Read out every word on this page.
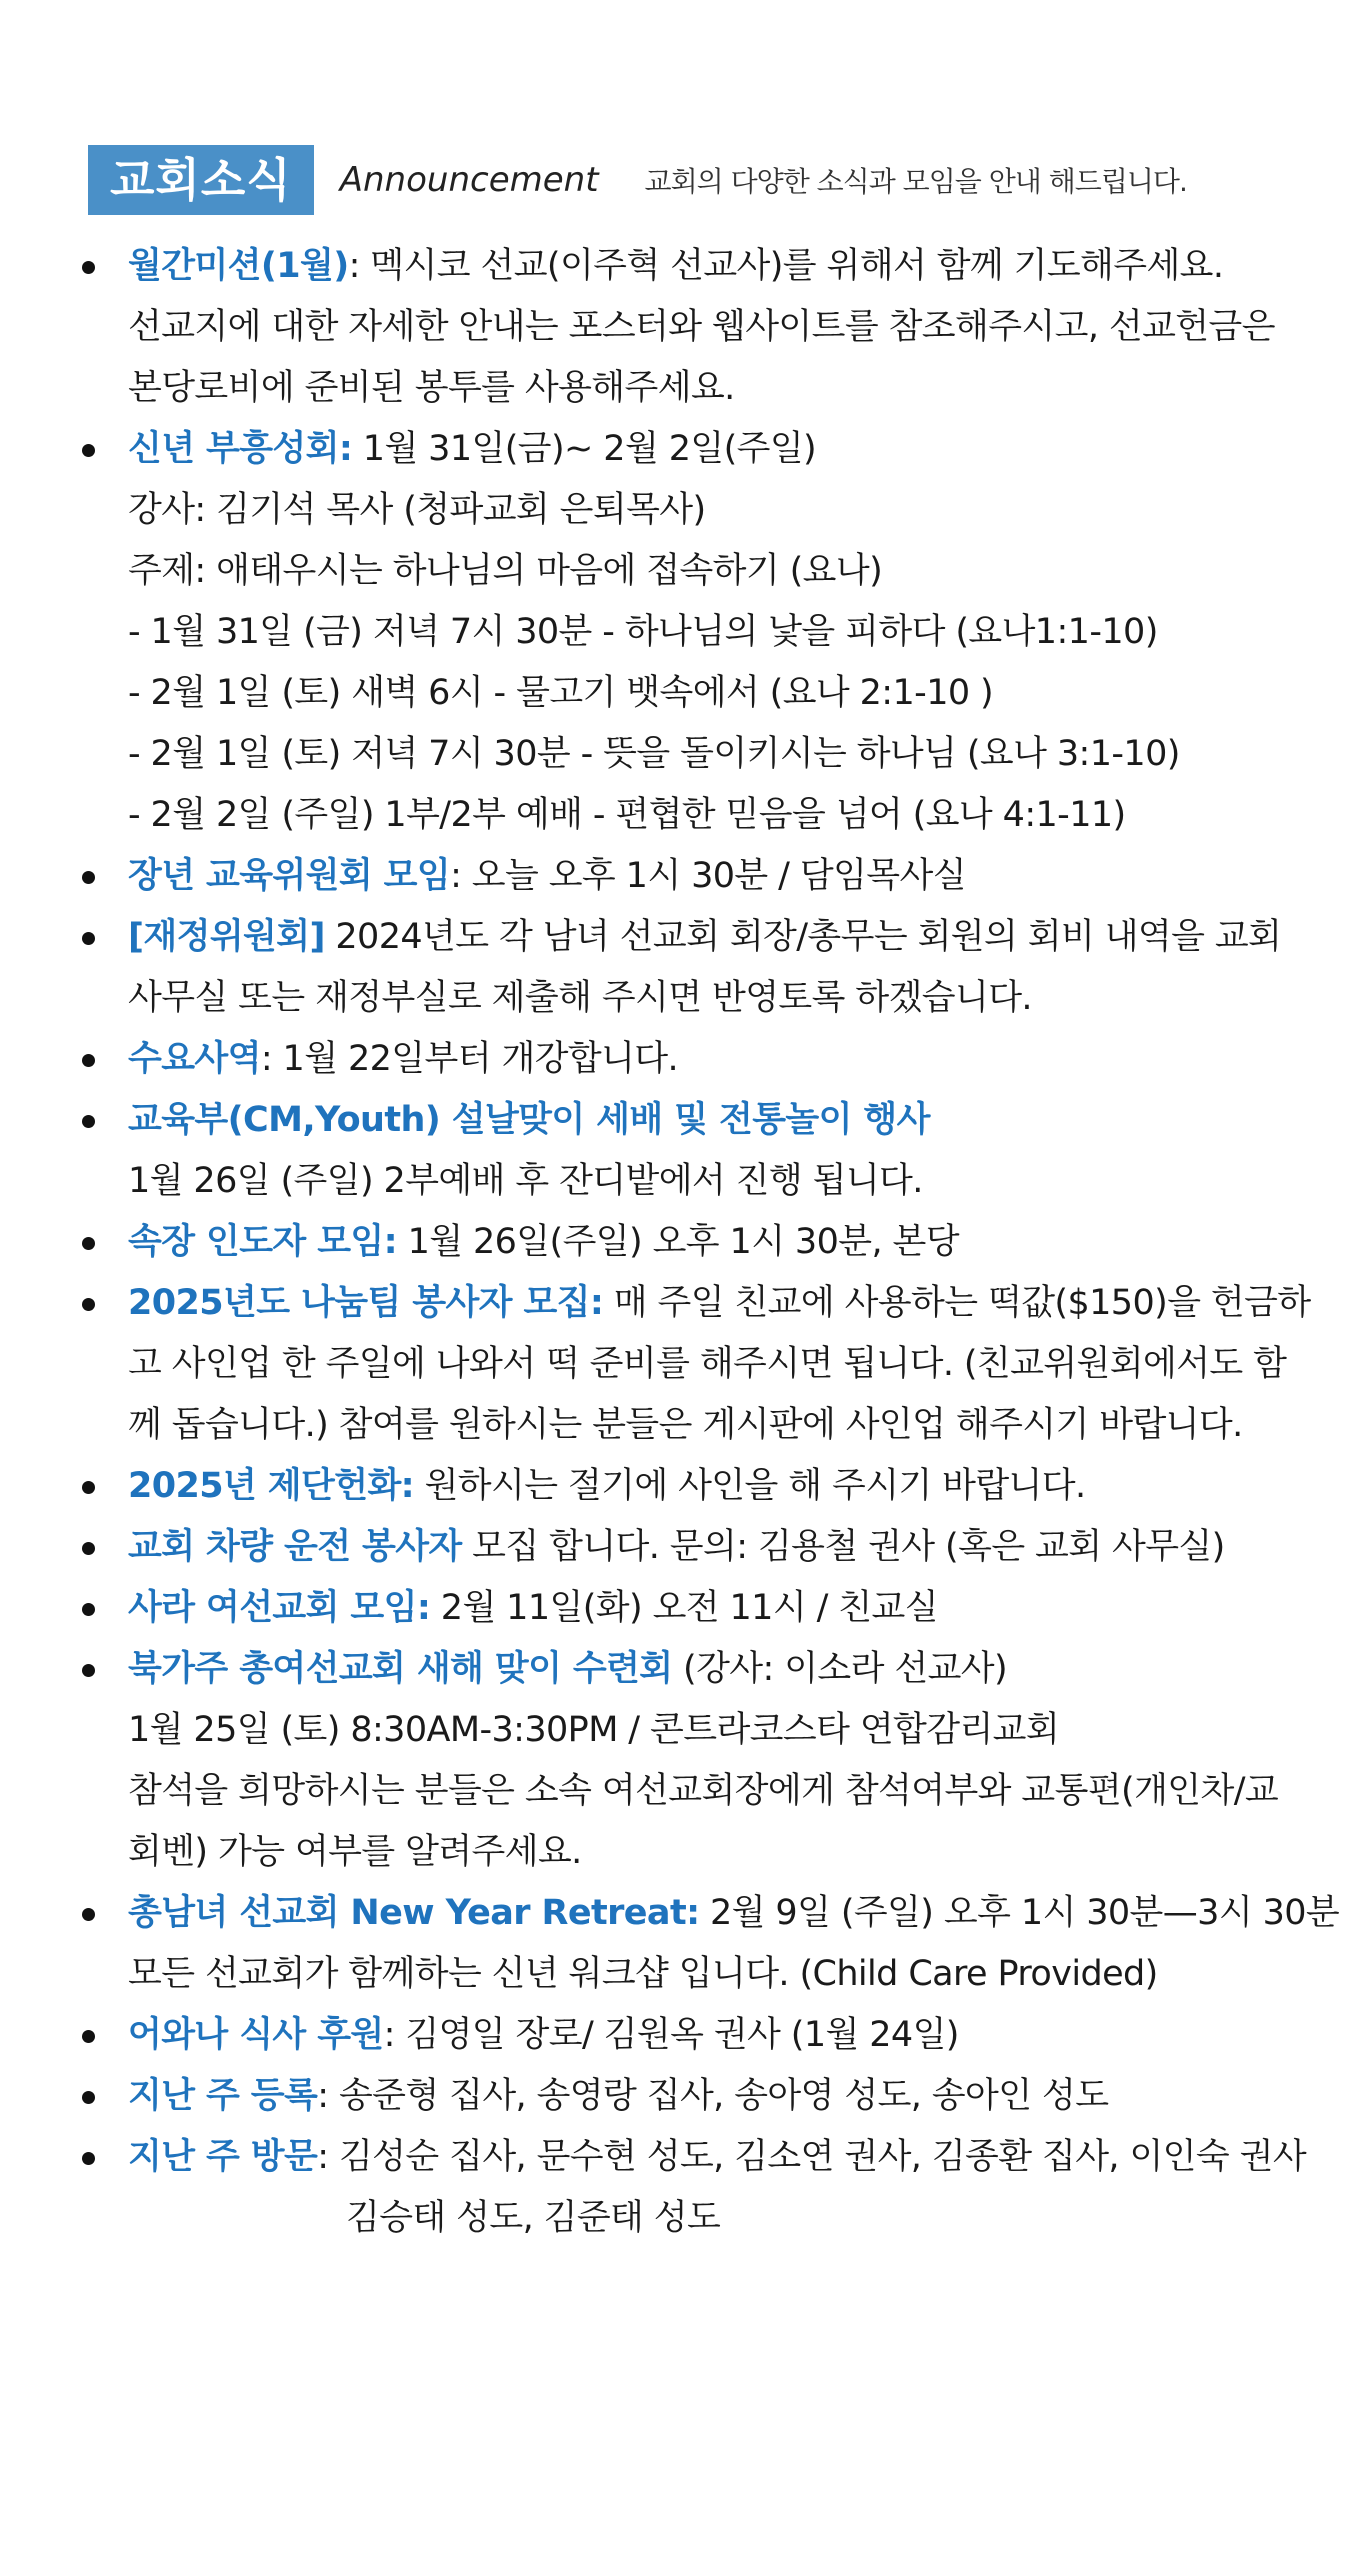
교회소식	Announcement 교회의 다양한 소식과 모임을 안내 해드립니다.
월간미션(1월): 멕시코 선교(이주혁 선교사)를 위해서 함께 기도해주세요.
선교지에 대한 자세한 안내는 포스터와 웹사이트를 참조해주시고, 선교헌금은
본당로비에 준비된 봉투를 사용해주세요.
신년 부흥성회: 1월 31일(금)~ 2월 2일(주일)
강사: 김기석 목사 (청파교회 은퇴목사)
주제: 애태우시는 하나님의 마음에 접속하기 (요나)
- 1월 31일 (금) 저녁 7시 30분 - 하나님의 낯을 피하다 (요나1:1-10)
- 2월 1일 (토) 새벽 6시 - 물고기 뱃속에서 (요나 2:1-10 )
- 2월 1일 (토) 저녁 7시 30분 - 뜻을 돌이키시는 하나님 (요나 3:1-10)
- 2월 2일 (주일) 1부/2부 예배 - 편협한 믿음을 넘어 (요나 4:1-11)
장년 교육위원회 모임: 오늘 오후 1시 30분 / 담임목사실
[재정위원회] 2024년도 각 남녀 선교회 회장/총무는 회원의 회비 내역을 교회
사무실 또는 재정부실로 제출해 주시면 반영토록 하겠습니다.
수요사역: 1월 22일부터 개강합니다.
교육부(CM,Youth) 설날맞이 세배 및 전통놀이 행사
1월 26일 (주일) 2부예배 후 잔디밭에서 진행 됩니다.
속장 인도자 모임: 1월 26일(주일) 오후 1시 30분, 본당
2025년도 나눔팀 봉사자 모집: 매 주일 친교에 사용하는 떡값($150)을 헌금하
고 사인업 한 주일에 나와서 떡 준비를 해주시면 됩니다. (친교위원회에서도 함
께 돕습니다.) 참여를 원하시는 분들은 게시판에 사인업 해주시기 바랍니다.
2025년 제단헌화: 원하시는 절기에 사인을 해 주시기 바랍니다.
교회 차량 운전 봉사자 모집 합니다. 문의: 김용철 권사 (혹은 교회 사무실)
사라 여선교회 모임: 2월 11일(화) 오전 11시 / 친교실
북가주 총여선교회 새해 맞이 수련회 (강사: 이소라 선교사)
1월 25일 (토) 8:30AM-3:30PM / 콘트라코스타 연합감리교회
참석을 희망하시는 분들은 소속 여선교회장에게 참석여부와 교통편(개인차/교
회벤) 가능 여부를 알려주세요.
총남녀 선교회 New Year Retreat: 2월 9일 (주일) 오후 1시 30분—3시 30분
모든 선교회가 함께하는 신년 워크샵 입니다. (Child Care Provided)
어와나 식사 후원: 김영일 장로/ 김원옥 권사 (1월 24일)
지난 주 등록: 송준형 집사, 송영랑 집사, 송아영 성도, 송아인 성도
지난 주 방문: 김성순 집사, 문수현 성도, 김소연 권사, 김종환 집사, 이인숙 권사
김승태 성도, 김준태 성도
